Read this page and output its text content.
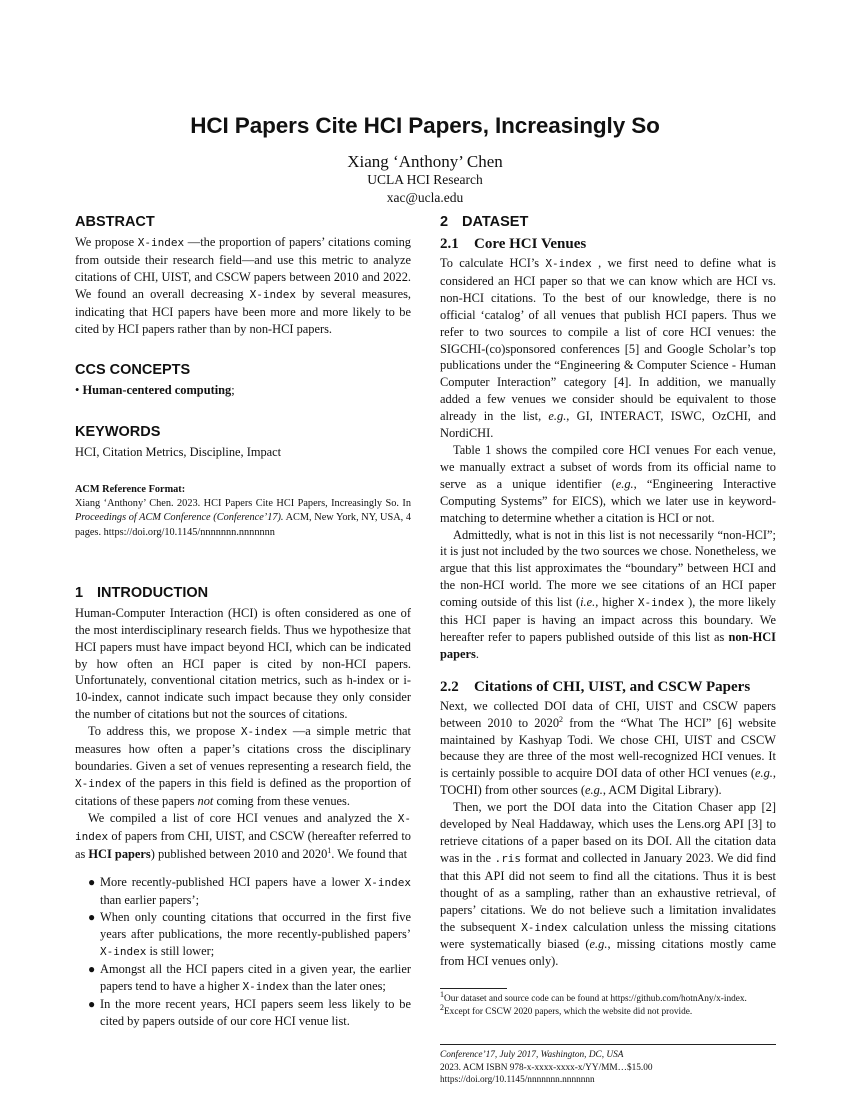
HCI Papers Cite HCI Papers, Increasingly So
Xiang ‘Anthony’ Chen
UCLA HCI Research
xac@ucla.edu
ABSTRACT

We propose X-index —the proportion of papers’ citations coming from outside their research field—and use this metric to analyze citations of CHI, UIST, and CSCW papers between 2010 and 2022. We found an overall decreasing X-index by several measures, indicating that HCI papers have been more and more likely to be cited by HCI papers rather than by non-HCI papers.

CCS CONCEPTS

• Human-centered computing;

KEYWORDS

HCI, Citation Metrics, Discipline, Impact

ACM Reference Format:
Xiang ‘Anthony’ Chen. 2023. HCI Papers Cite HCI Papers, Increasingly So. In Proceedings of ACM Conference (Conference’17). ACM, New York, NY, USA, 4 pages. https://doi.org/10.1145/nnnnnnn.nnnnnnn
1 INTRODUCTION

Human-Computer Interaction (HCI) is often considered as one of the most interdisciplinary research fields. Thus we hypothesize that HCI papers must have impact beyond HCI, which can be indicated by how often an HCI paper is cited by non-HCI papers. Unfortunately, conventional citation metrics, such as h-index or i-10-index, cannot indicate such impact because they only consider the number of citations but not the sources of citations.

To address this, we propose X-index —a simple metric that measures how often a paper’s citations cross the disciplinary boundaries. Given a set of venues representing a research field, the X-index of the papers in this field is defined as the proportion of citations of these papers not coming from these venues.

We compiled a list of core HCI venues and analyzed the X-index of papers from CHI, UIST, and CSCW (hereafter referred to as HCI papers) published between 2010 and 2020$^1$. We found that

● More recently-published HCI papers have a lower X-index than earlier papers’;
● When only counting citations that occurred in the first five years after publications, the more recently-published papers’ X-index is still lower;
● Amongst all the HCI papers cited in a given year, the earlier papers tend to have a higher X-index than the later ones;
● In the more recent years, HCI papers seem less likely to be cited by papers outside of our core HCI venue list.
2 DATASET
2.1 Core HCI Venues

To calculate HCI’s X-index , we first need to define what is considered an HCI paper so that we can know which are HCI vs. non-HCI citations. To the best of our knowledge, there is no official ‘catalog’ of all venues that publish HCI papers. Thus we refer to two sources to compile a list of core HCI venues: the SIGCHI-(co)sponsored conferences [5] and Google Scholar’s top publications under the “Engineering & Computer Science - Human Computer Interaction” category [4]. In addition, we manually added a few venues we consider should be equivalent to those already in the list, e.g., GI, INTERACT, ISWC, OzCHI, and NordiCHI.

Table 1 shows the compiled core HCI venues For each venue, we manually extract a subset of words from its official name to serve as a unique identifier (e.g., “Engineering Interactive Computing Systems” for EICS), which we later use in keyword-matching to determine whether a citation is HCI or not.

Admittedly, what is not in this list is not necessarily “non-HCI”; it is just not included by the two sources we chose. Nonetheless, we argue that this list approximates the “boundary” between HCI and the non-HCI world. The more we see citations of an HCI paper coming outside of this list (i.e., higher X-index ), the more likely this HCI paper is having an impact across this boundary. We hereafter refer to papers published outside of this list as non-HCI papers.

2.2 Citations of CHI, UIST, and CSCW Papers

Next, we collected DOI data of CHI, UIST and CSCW papers between 2010 to 2020$^2$ from the “What The HCI” [6] website maintained by Kashyap Todi. We chose CHI, UIST and CSCW because they are three of the most well-recognized HCI venues. It is certainly possible to acquire DOI data of other HCI venues (e.g., TOCHI) from other sources (e.g., ACM Digital Library).

Then, we port the DOI data into the Citation Chaser app [2] developed by Neal Haddaway, which uses the Lens.org API [3] to retrieve citations of a paper based on its DOI. All the citation data was in the .ris format and collected in January 2023. We did find that this API did not seem to find all the citations. Thus it is best thought of as a sampling, rather than an exhaustive retrieval, of papers’ citations. We do not believe such a limitation invalidates the subsequent X-index calculation unless the missing citations were systematically biased (e.g., missing citations mostly came from HCI venues only).

$^1$Our dataset and source code can be found at https://github.com/hotnAny/x-index.
$^2$Except for CSCW 2020 papers, which the website did not provide.
Conference’17, July 2017, Washington, DC, USA
2023. ACM ISBN 978-x-xxxx-xxxx-x/YY/MM…$15.00
https://doi.org/10.1145/nnnnnnn.nnnnnnn
